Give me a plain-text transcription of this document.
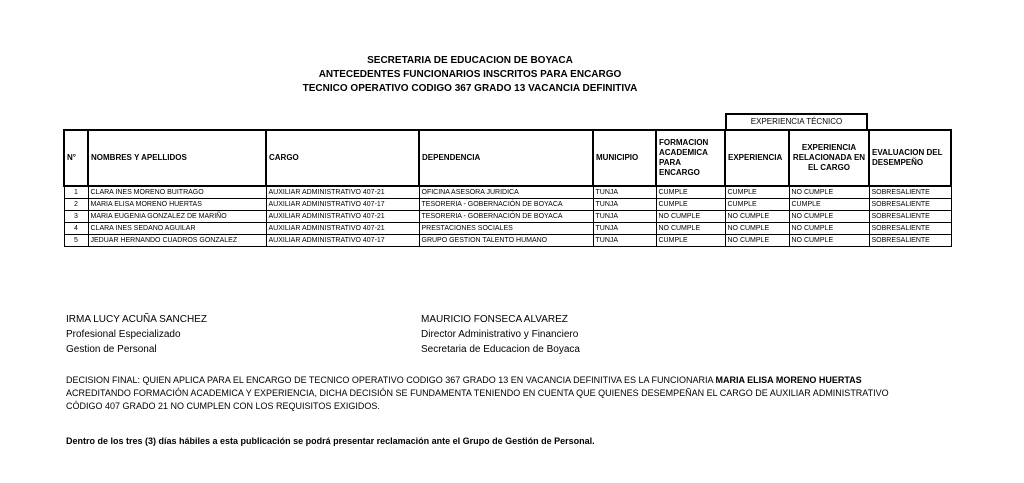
SECRETARIA DE EDUCACION DE BOYACA
ANTECEDENTES FUNCIONARIOS INSCRITOS PARA ENCARGO
TECNICO OPERATIVO CODIGO 367 GRADO 13 VACANCIA DEFINITIVA
EXPERIENCIA TÉCNICO
N°	NOMBRES Y APELLIDOS	CARGO	DEPENDENCIA	MUNICIPIO	FORMACION ACADEMICA PARA ENCARGO	EXPERIENCIA	EXPERIENCIA RELACIONADA EN EL CARGO	EVALUACION DEL DESEMPEÑO
1	CLARA INES MORENO BUITRAGO	AUXILIAR ADMINISTRATIVO 407-21	OFICINA ASESORA JURIDICA	TUNJA	CUMPLE	CUMPLE	NO CUMPLE	SOBRESALIENTE
2	MARIA ELISA MORENO HUERTAS	AUXILIAR ADMINISTRATIVO 407-17	TESORERIA - GOBERNACIÓN DE BOYACA	TUNJA	CUMPLE	CUMPLE	CUMPLE	SOBRESALIENTE
3	MARIA EUGENIA GONZALEZ DE MARIÑO	AUXILIAR ADMINISTRATIVO 407-21	TESORERIA - GOBERNACIÓN DE BOYACA	TUNJA	NO CUMPLE	NO CUMPLE	NO CUMPLE	SOBRESALIENTE
4	CLARA INES SEDANO AGUILAR	AUXILIAR ADMINISTRATIVO 407-21	PRESTACIONES SOCIALES	TUNJA	NO CUMPLE	NO CUMPLE	NO CUMPLE	SOBRESALIENTE
5	JEDUAR HERNANDO CUADROS GONZALEZ	AUXILIAR ADMINISTRATIVO 407-17	GRUPO GESTION TALENTO HUMANO	TUNJA	CUMPLE	NO CUMPLE	NO CUMPLE	SOBRESALIENTE
IRMA LUCY ACUÑA SANCHEZ
Profesional Especializado
Gestion de Personal
MAURICIO FONSECA ALVAREZ
Director Administrativo y Financiero
Secretaria de Educacion de Boyaca
DECISION FINAL: QUIEN APLICA PARA EL ENCARGO DE TECNICO OPERATIVO CODIGO 367 GRADO 13 EN VACANCIA DEFINITIVA ES LA FUNCIONARIA MARIA ELISA MORENO HUERTAS
ACREDITANDO FORMACIÓN ACADEMICA Y EXPERIENCIA, DICHA DECISIÓN SE FUNDAMENTA TENIENDO EN CUENTA QUE QUIENES DESEMPEÑAN EL CARGO DE AUXILIAR ADMINISTRATIVO
CÓDIGO 407 GRADO 21 NO CUMPLEN CON LOS REQUISITOS EXIGIDOS.
Dentro de los tres (3) días hábiles a esta publicación se podrá presentar reclamación ante el Grupo de Gestión de Personal.
